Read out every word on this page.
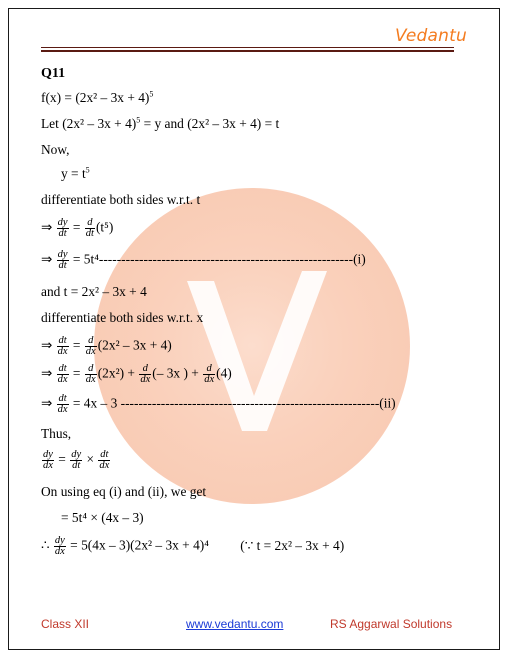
Vedantu
Q11
$f(x) = (2x^2 - 3x + 4)^5$
Let $(2x^2 - 3x + 4)^5 = y$ and (2x² – 3x + 4) = t
Now,
$y = t^5$
differentiate both sides w.r.t. t
⇒ $\frac{dy}{dt} = \frac{d}{dt} (t^5)$
⇒ $\frac{dy}{dt} = 5t^4---------------------------------------------------------(i)$
and t = 2x² – 3x + 4
differentiate both sides w.r.t. x
⇒ $\frac{dt}{dx} = \frac{d}{dx} (2x^2 - 3x + 4)$
⇒ $\frac{dt}{dx} = \frac{d}{dx} (2x^2) + \frac{d}{dx}$ (– 3x ) + $\frac{d}{dx} (4)$
⇒ $\frac{dt}{dx} = 4x - 3$ ----------------------------------------------------------(ii)
Thus,
$\frac{dy}{dx} = \frac{dy}{dt} \times \frac{dt}{dx}$
On using eq (i) and (ii), we get
= 5t⁴ × (4x – 3)
∴ $\frac{dy}{dx} = 5(4x - 3)(2x^2 - 3x + 4)^4$ (∵ t = 2x² – 3x + 4)
Class XII	www.vedantu.com	RS Aggarwal Solutions
